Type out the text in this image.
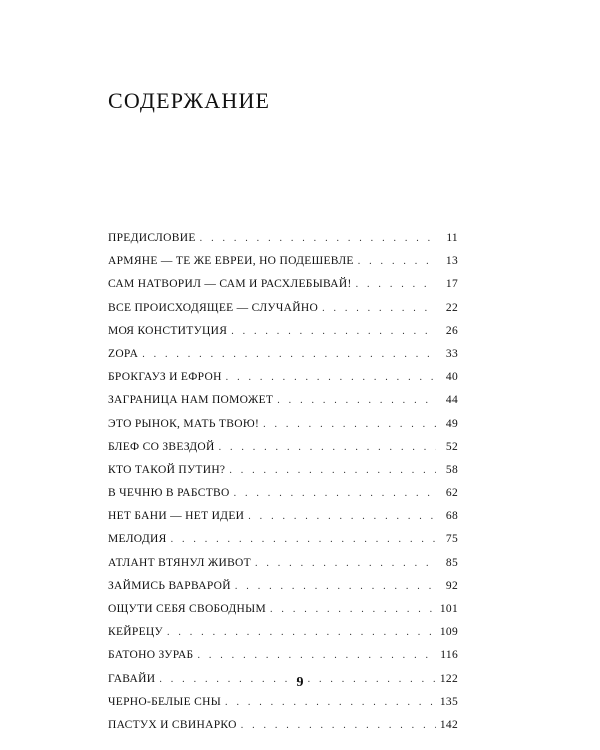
СОДЕРЖАНИЕ
ПРЕДИСЛОВИЕ . . .	11
АРМЯНЕ — ТЕ ЖЕ ЕВРЕИ, НО ПОДЕШЕВЛЕ . . .	13
САМ НАТВОРИЛ — САМ И РАСХЛЕБЫВАЙ! . . .	17
ВСЕ ПРОИСХОДЯЩЕЕ — СЛУЧАЙНО . . .	22
МОЯ КОНСТИТУЦИЯ . . .	26
ZOPA . . .	33
БРОКГАУЗ И ЕФРОН . . .	40
ЗАГРАНИЦА НАМ ПОМОЖЕТ . . .	44
ЭТО РЫНОК, МАТЬ ТВОЮ! . . .	49
БЛЕФ СО ЗВЕЗДОЙ . . .	52
КТО ТАКОЙ ПУТИН? . . .	58
В ЧЕЧНЮ В РАБСТВО . . .	62
НЕТ БАНИ — НЕТ ИДЕИ . . .	68
МЕЛОДИЯ . . .	75
АТЛАНТ ВТЯНУЛ ЖИВОТ . . .	85
ЗАЙМИСЬ ВАРВАРОЙ . . .	92
ОЩУТИ СЕБЯ СВОБОДНЫМ . . .	101
КЕЙРЕЦУ . . .	109
БАТОНО ЗУРАБ . . .	116
ГАВАЙИ . . .	122
ЧЕРНО-БЕЛЫЕ СНЫ . . .	135
ПАСТУХ И СВИНАРКО . . .	142
9
